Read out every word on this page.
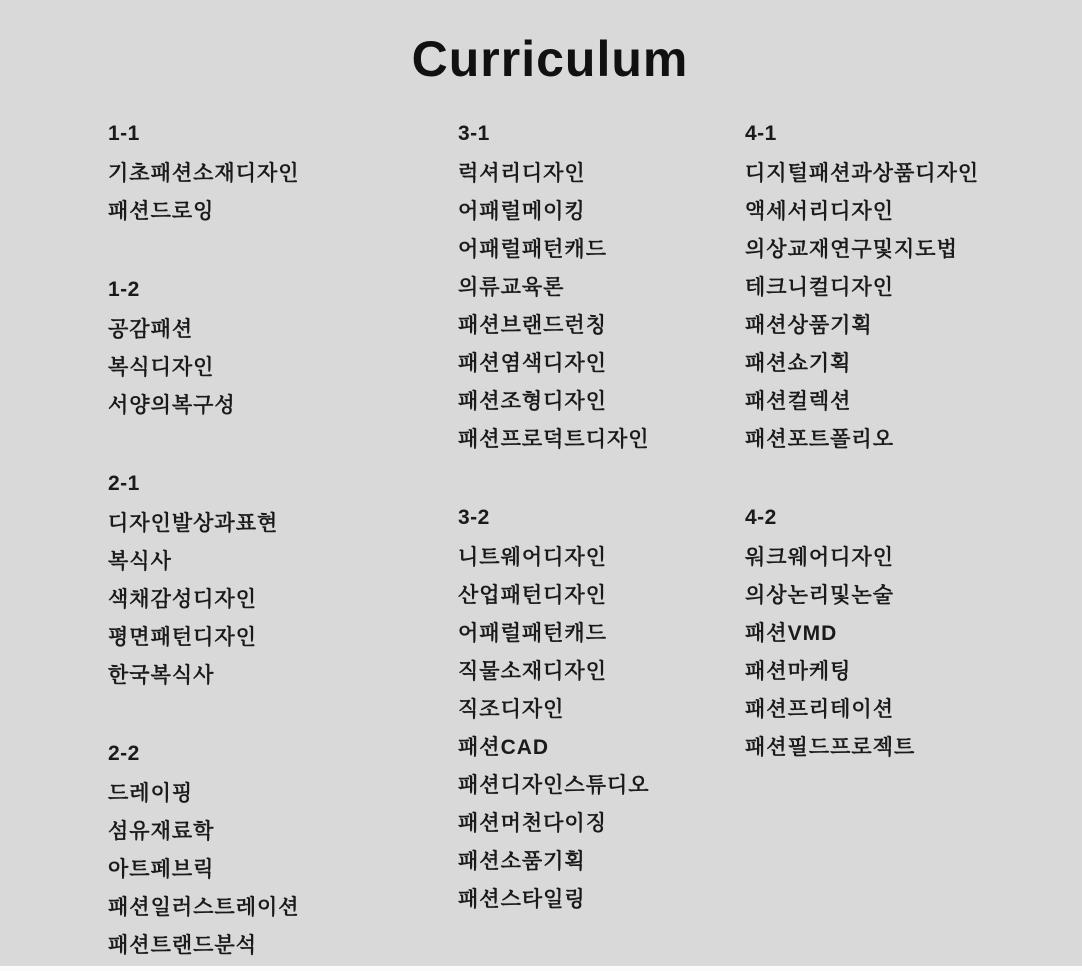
Curriculum
1-1
기초패션소재디자인
패션드로잉
1-2
공감패션
복식디자인
서양의복구성
2-1
디자인발상과표현
복식사
색채감성디자인
평면패턴디자인
한국복식사
2-2
드레이핑
섬유재료학
아트페브릭
패션일러스트레이션
패션트랜드분석
3-1
럭셔리디자인
어패럴메이킹
어패럴패턴캐드
의류교육론
패션브랜드런칭
패션염색디자인
패션조형디자인
패션프로덕트디자인
3-2
니트웨어디자인
산업패턴디자인
어패럴패턴캐드
직물소재디자인
직조디자인
패션CAD
패션디자인스튜디오
패션머천다이징
패션소품기획
패션스타일링
4-1
디지털패션과상품디자인
액세서리디자인
의상교재연구및지도법
테크니컬디자인
패션상품기획
패션쇼기획
패션컬렉션
패션포트폴리오
4-2
워크웨어디자인
의상논리및논술
패션VMD
패션마케팅
패션프리테이션
패션필드프로젝트
